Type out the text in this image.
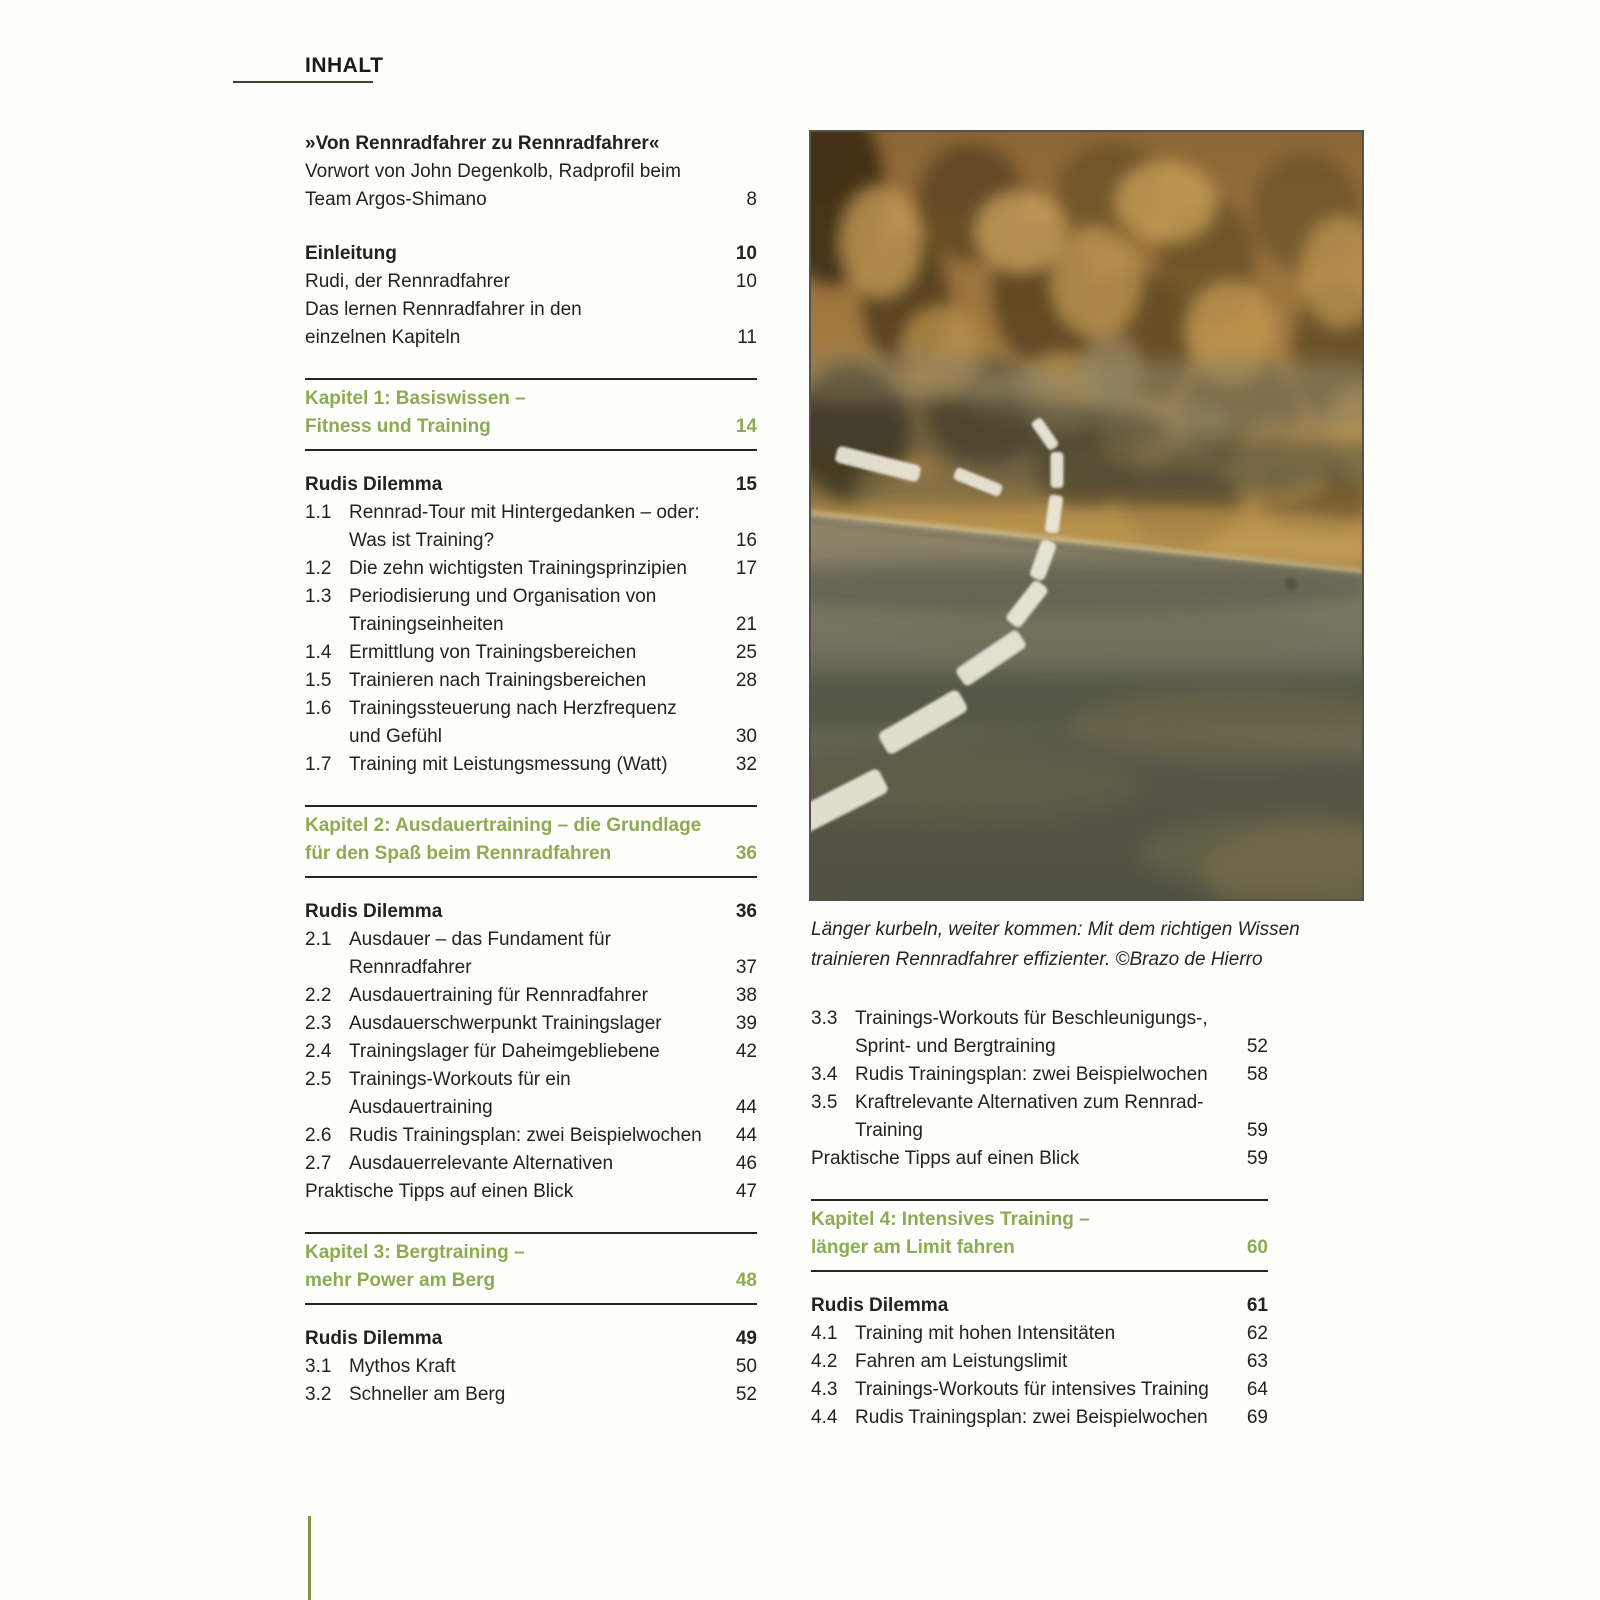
INHALT
»Von Rennradfahrer zu Rennradfahrer«
Vorwort von John Degenkolb, Radprofil beim
Team Argos-Shimano	8
Einleitung	10
Rudi, der Rennradfahrer	10
Das lernen Rennradfahrer in den
einzelnen Kapiteln	11
Kapitel 1: Basiswissen –
Fitness und Training	14
Rudis Dilemma	15
1.1 Rennrad-Tour mit Hintergedanken – oder:
Was ist Training?	16
1.2 Die zehn wichtigsten Trainingsprinzipien	17
1.3 Periodisierung und Organisation von
Trainingseinheiten	21
1.4 Ermittlung von Trainingsbereichen	25
1.5 Trainieren nach Trainingsbereichen	28
1.6 Trainingssteuerung nach Herzfrequenz
und Gefühl	30
1.7 Training mit Leistungsmessung (Watt)	32
Kapitel 2: Ausdauertraining – die Grundlage
für den Spaß beim Rennradfahren	36
Rudis Dilemma	36
2.1 Ausdauer – das Fundament für
Rennradfahrer	37
2.2 Ausdauertraining für Rennradfahrer	38
2.3 Ausdauerschwerpunkt Trainingslager	39
2.4 Trainingslager für Daheimgebliebene	42
2.5 Trainings-Workouts für ein
Ausdauertraining	44
2.6 Rudis Trainingsplan: zwei Beispielwochen	44
2.7 Ausdauerrelevante Alternativen	46
Praktische Tipps auf einen Blick	47
Kapitel 3: Bergtraining –
mehr Power am Berg	48
Rudis Dilemma	49
3.1 Mythos Kraft	50
3.2 Schneller am Berg	52
Länger kurbeln, weiter kommen: Mit dem richtigen Wissen
trainieren Rennradfahrer effizienter. ©Brazo de Hierro
3.3 Trainings-Workouts für Beschleunigungs-,
Sprint- und Bergtraining	52
3.4 Rudis Trainingsplan: zwei Beispielwochen	58
3.5 Kraftrelevante Alternativen zum Rennrad-
Training	59
Praktische Tipps auf einen Blick	59
Kapitel 4: Intensives Training –
länger am Limit fahren	60
Rudis Dilemma	61
4.1 Training mit hohen Intensitäten	62
4.2 Fahren am Leistungslimit	63
4.3 Trainings-Workouts für intensives Training	64
4.4 Rudis Trainingsplan: zwei Beispielwochen	69
